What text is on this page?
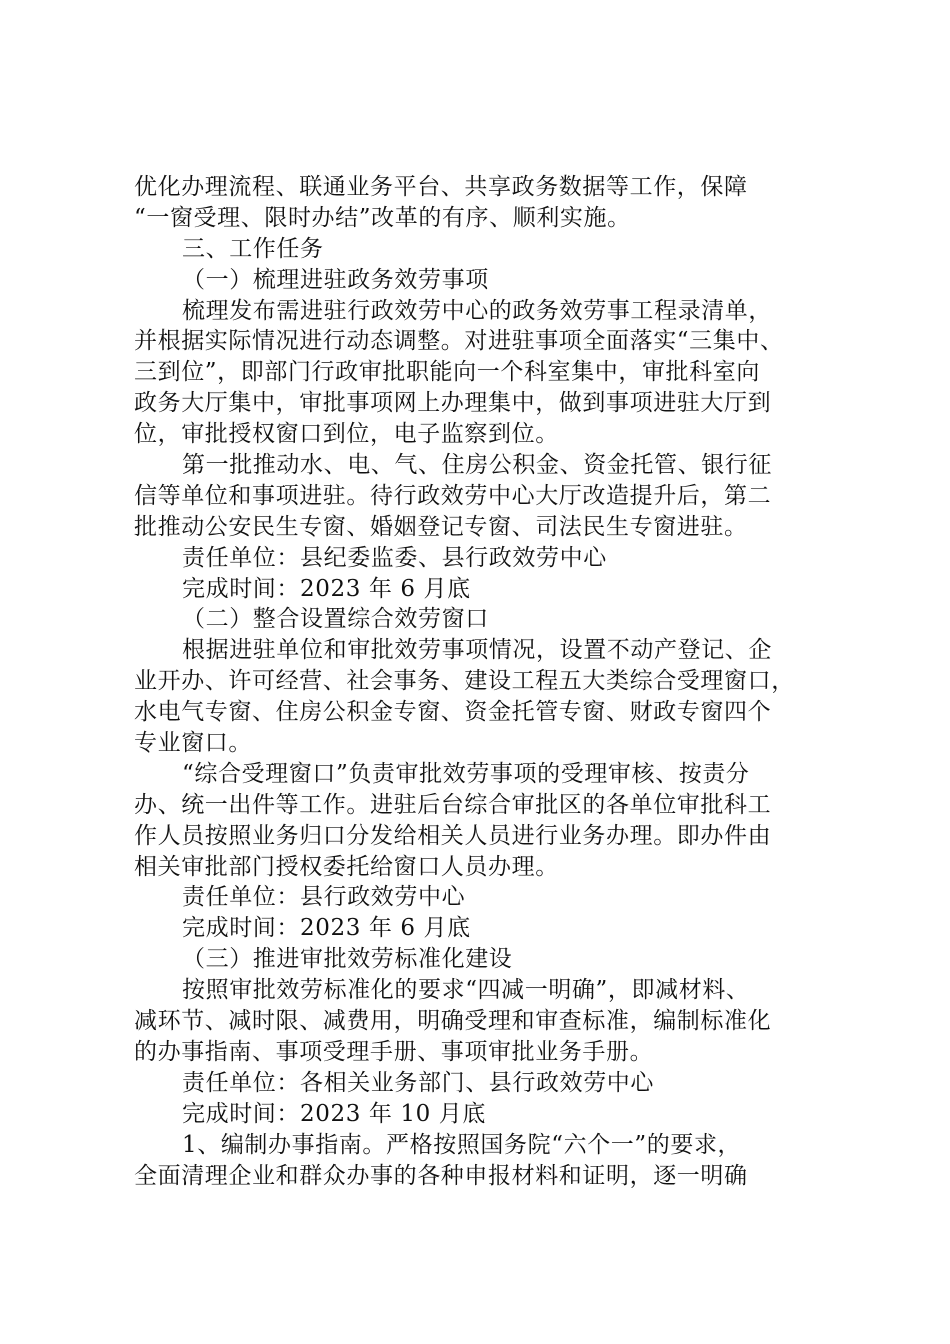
优化办理流程、联通业务平台、共享政务数据等工作，保障
“一窗受理、限时办结”改革的有序、顺利实施。
三、工作任务
（一）梳理进驻政务效劳事项
梳理发布需进驻行政效劳中心的政务效劳事工程录清单，
并根据实际情况进行动态调整。对进驻事项全面落实“三集中、
三到位”，即部门行政审批职能向一个科室集中，审批科室向
政务大厅集中，审批事项网上办理集中，做到事项进驻大厅到
位，审批授权窗口到位，电子监察到位。
第一批推动水、电、气、住房公积金、资金托管、银行征
信等单位和事项进驻。待行政效劳中心大厅改造提升后，第二
批推动公安民生专窗、婚姻登记专窗、司法民生专窗进驻。
责任单位：县纪委监委、县行政效劳中心
完成时间：2023 年 6 月底
（二）整合设置综合效劳窗口
根据进驻单位和审批效劳事项情况，设置不动产登记、企
业开办、许可经营、社会事务、建设工程五大类综合受理窗口，
水电气专窗、住房公积金专窗、资金托管专窗、财政专窗四个
专业窗口。
“综合受理窗口”负责审批效劳事项的受理审核、按责分
办、统一出件等工作。进驻后台综合审批区的各单位审批科工
作人员按照业务归口分发给相关人员进行业务办理。即办件由
相关审批部门授权委托给窗口人员办理。
责任单位：县行政效劳中心
完成时间：2023 年 6 月底
（三）推进审批效劳标准化建设
按照审批效劳标准化的要求“四减一明确”，即减材料、
减环节、减时限、减费用，明确受理和审查标准，编制标准化
的办事指南、事项受理手册、事项审批业务手册。
责任单位：各相关业务部门、县行政效劳中心
完成时间：2023 年 10 月底
1、编制办事指南。严格按照国务院“六个一”的要求，
全面清理企业和群众办事的各种申报材料和证明，逐一明确
